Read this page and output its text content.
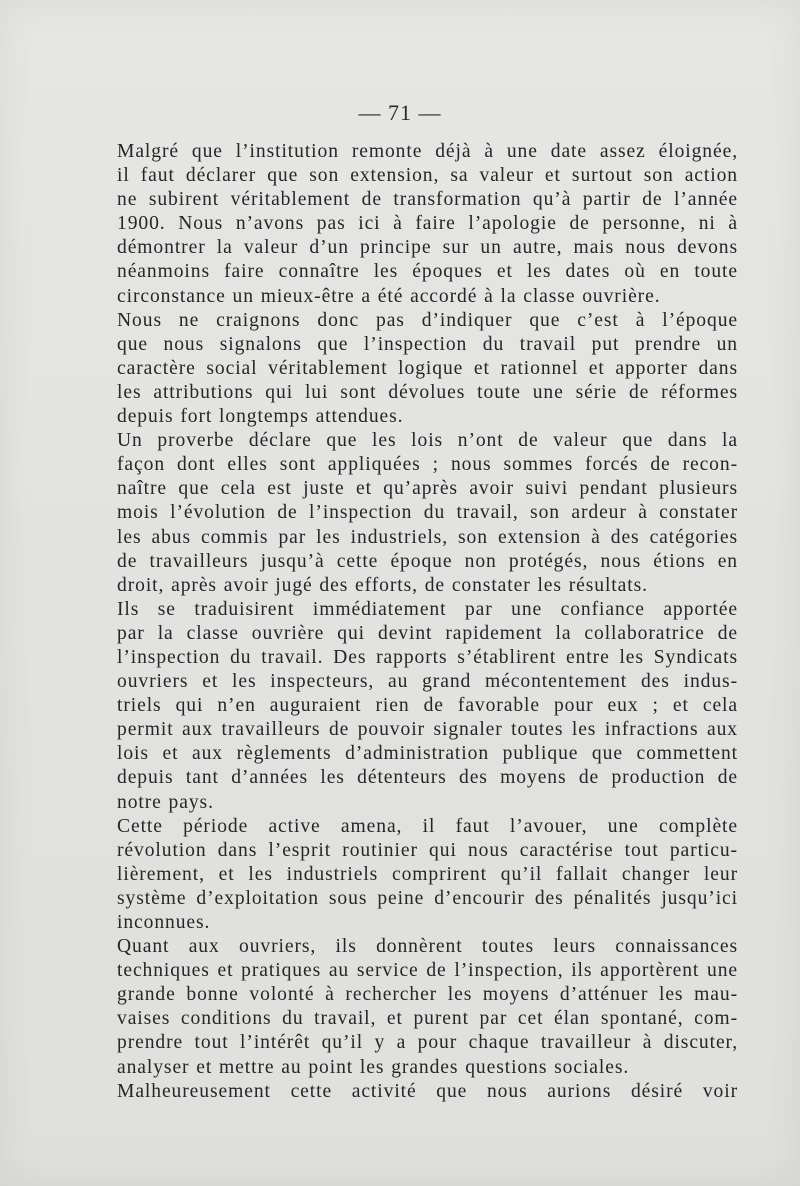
— 71 —

Malgré que l’institution remonte déjà à une date assez éloignée,
il faut déclarer que son extension, sa valeur et surtout son action
ne subirent véritablement de transformation qu’à partir de l’année
1900. Nous n’avons pas ici à faire l’apologie de personne, ni à
démontrer la valeur d’un principe sur un autre, mais nous devons
néanmoins faire connaître les époques et les dates où en toute
circonstance un mieux-être a été accordé à la classe ouvrière.

Nous ne craignons donc pas d’indiquer que c’est à l’époque
que nous signalons que l’inspection du travail put prendre un
caractère social véritablement logique et rationnel et apporter dans
les attributions qui lui sont dévolues toute une série de réformes
depuis fort longtemps attendues.

Un proverbe déclare que les lois n’ont de valeur que dans la
façon dont elles sont appliquées ; nous sommes forcés de recon-
naître que cela est juste et qu’après avoir suivi pendant plusieurs
mois l’évolution de l’inspection du travail, son ardeur à constater
les abus commis par les industriels, son extension à des catégories
de travailleurs jusqu’à cette époque non protégés, nous étions en
droit, après avoir jugé des efforts, de constater les résultats.

Ils se traduisirent immédiatement par une confiance apportée
par la classe ouvrière qui devint rapidement la collaboratrice de
l’inspection du travail. Des rapports s’établirent entre les Syndicats
ouvriers et les inspecteurs, au grand mécontentement des indus-
triels qui n’en auguraient rien de favorable pour eux ; et cela
permit aux travailleurs de pouvoir signaler toutes les infractions aux
lois et aux règlements d’administration publique que commettent
depuis tant d’années les détenteurs des moyens de production de
notre pays.

Cette période active amena, il faut l’avouer, une complète
révolution dans l’esprit routinier qui nous caractérise tout particu-
lièrement, et les industriels comprirent qu’il fallait changer leur
système d’exploitation sous peine d’encourir des pénalités jusqu’ici
inconnues.

Quant aux ouvriers, ils donnèrent toutes leurs connaissances
techniques et pratiques au service de l’inspection, ils apportèrent une
grande bonne volonté à rechercher les moyens d’atténuer les mau-
vaises conditions du travail, et purent par cet élan spontané, com-
prendre tout l’intérêt qu’il y a pour chaque travailleur à discuter,
analyser et mettre au point les grandes questions sociales.

Malheureusement cette activité que nous aurions désiré voir
